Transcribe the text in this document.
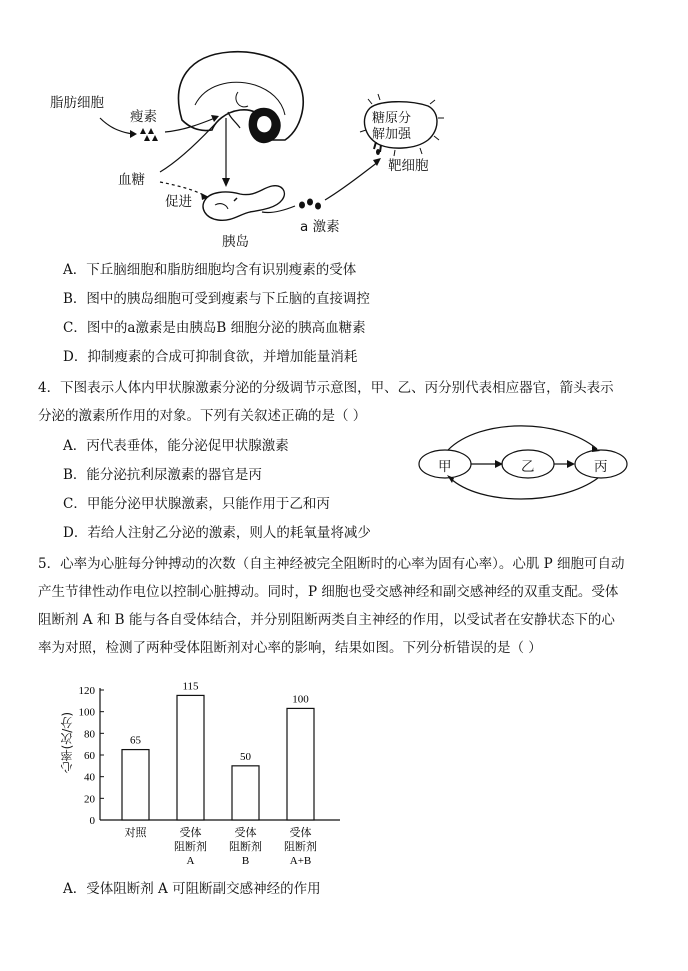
脂肪细胞
瘦素
血糖
促进
胰岛
a 激素
靶细胞
糖原分
解加强
A．下丘脑细胞和脂肪细胞均含有识别瘦素的受体
B．图中的胰岛细胞可受到瘦素与下丘脑的直接调控
C．图中的a激素是由胰岛B 细胞分泌的胰高血糖素
D．抑制瘦素的合成可抑制食欲，并增加能量消耗
4．下图表示人体内甲状腺激素分泌的分级调节示意图，甲、乙、丙分别代表相应器官，箭头表示
分泌的激素所作用的对象。下列有关叙述正确的是（ ）
A．丙代表垂体，能分泌促甲状腺激素
B．能分泌抗利尿激素的器官是丙
C．甲能分泌甲状腺激素，只能作用于乙和丙
D．若给人注射乙分泌的激素，则人的耗氧量将减少
甲	乙	丙
5．心率为心脏每分钟搏动的次数（自主神经被完全阻断时的心率为固有心率）。心肌 P 细胞可自动
产生节律性动作电位以控制心脏搏动。同时，P 细胞也受交感神经和副交感神经的双重支配。受体
阻断剂 A 和 B 能与各自受体结合，并分别阻断两类自主神经的作用，以受试者在安静状态下的心
率为对照，检测了两种受体阻断剂对心率的影响，结果如图。下列分析错误的是（ ）
0
20
40
60
80
100
120
65
对照
115
受体
阻断剂
A
50
受体
阻断剂
B
100
受体
阻断剂
A+B
心率(次/分)
A．受体阻断剂 A 可阻断副交感神经的作用
